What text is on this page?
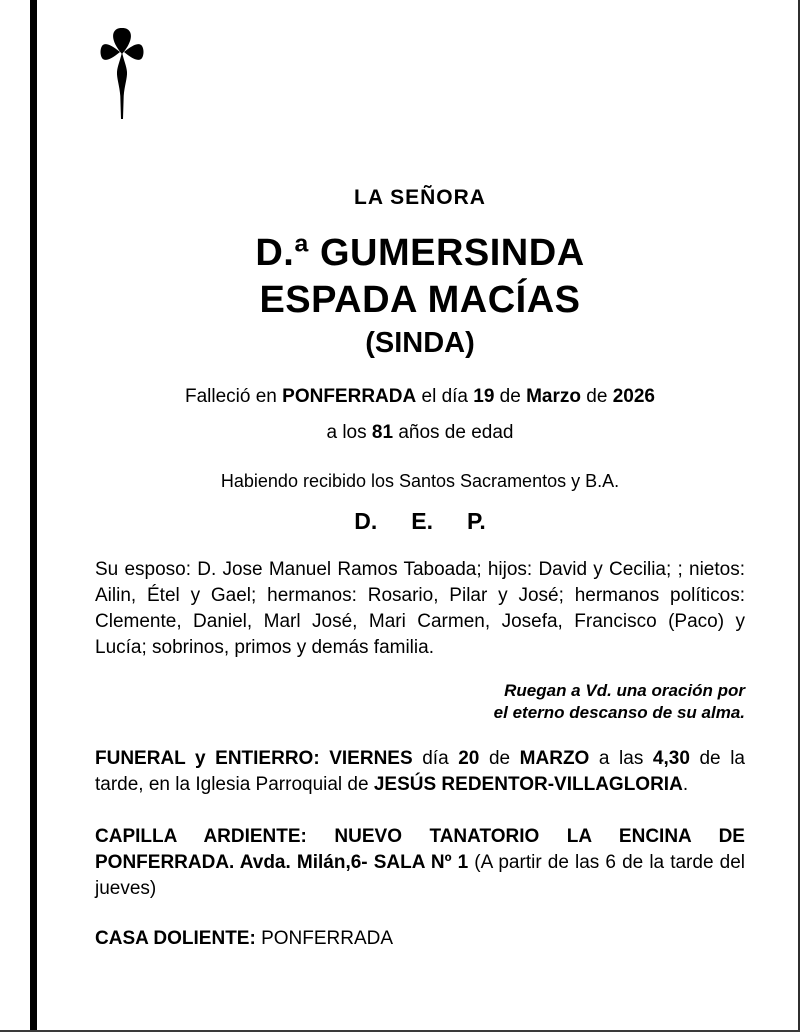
LA SEÑORA
D.ª GUMERSINDA
ESPADA MACÍAS
(SINDA)
Falleció en PONFERRADA el día 19 de Marzo de 2026
a los 81 años de edad
Habiendo recibido los Santos Sacramentos y B.A.
D. E. P.

Su esposo: D. Jose Manuel Ramos Taboada; hijos: David y Cecilia; ; nietos: Ailin, Étel y Gael; hermanos: Rosario, Pilar y José; hermanos políticos: Clemente, Daniel, Marl José, Mari Carmen, Josefa, Francisco (Paco) y Lucía; sobrinos, primos y demás familia.

Ruegan a Vd. una oración por
el eterno descanso de su alma.

FUNERAL y ENTIERRO: VIERNES día 20 de MARZO a las 4,30 de la tarde, en la Iglesia Parroquial de JESÚS REDENTOR-VILLAGLORIA.

CAPILLA ARDIENTE: NUEVO TANATORIO LA ENCINA DE PONFERRADA. Avda. Milán,6- SALA Nº 1 (A partir de las 6 de la tarde del jueves)

CASA DOLIENTE: PONFERRADA
